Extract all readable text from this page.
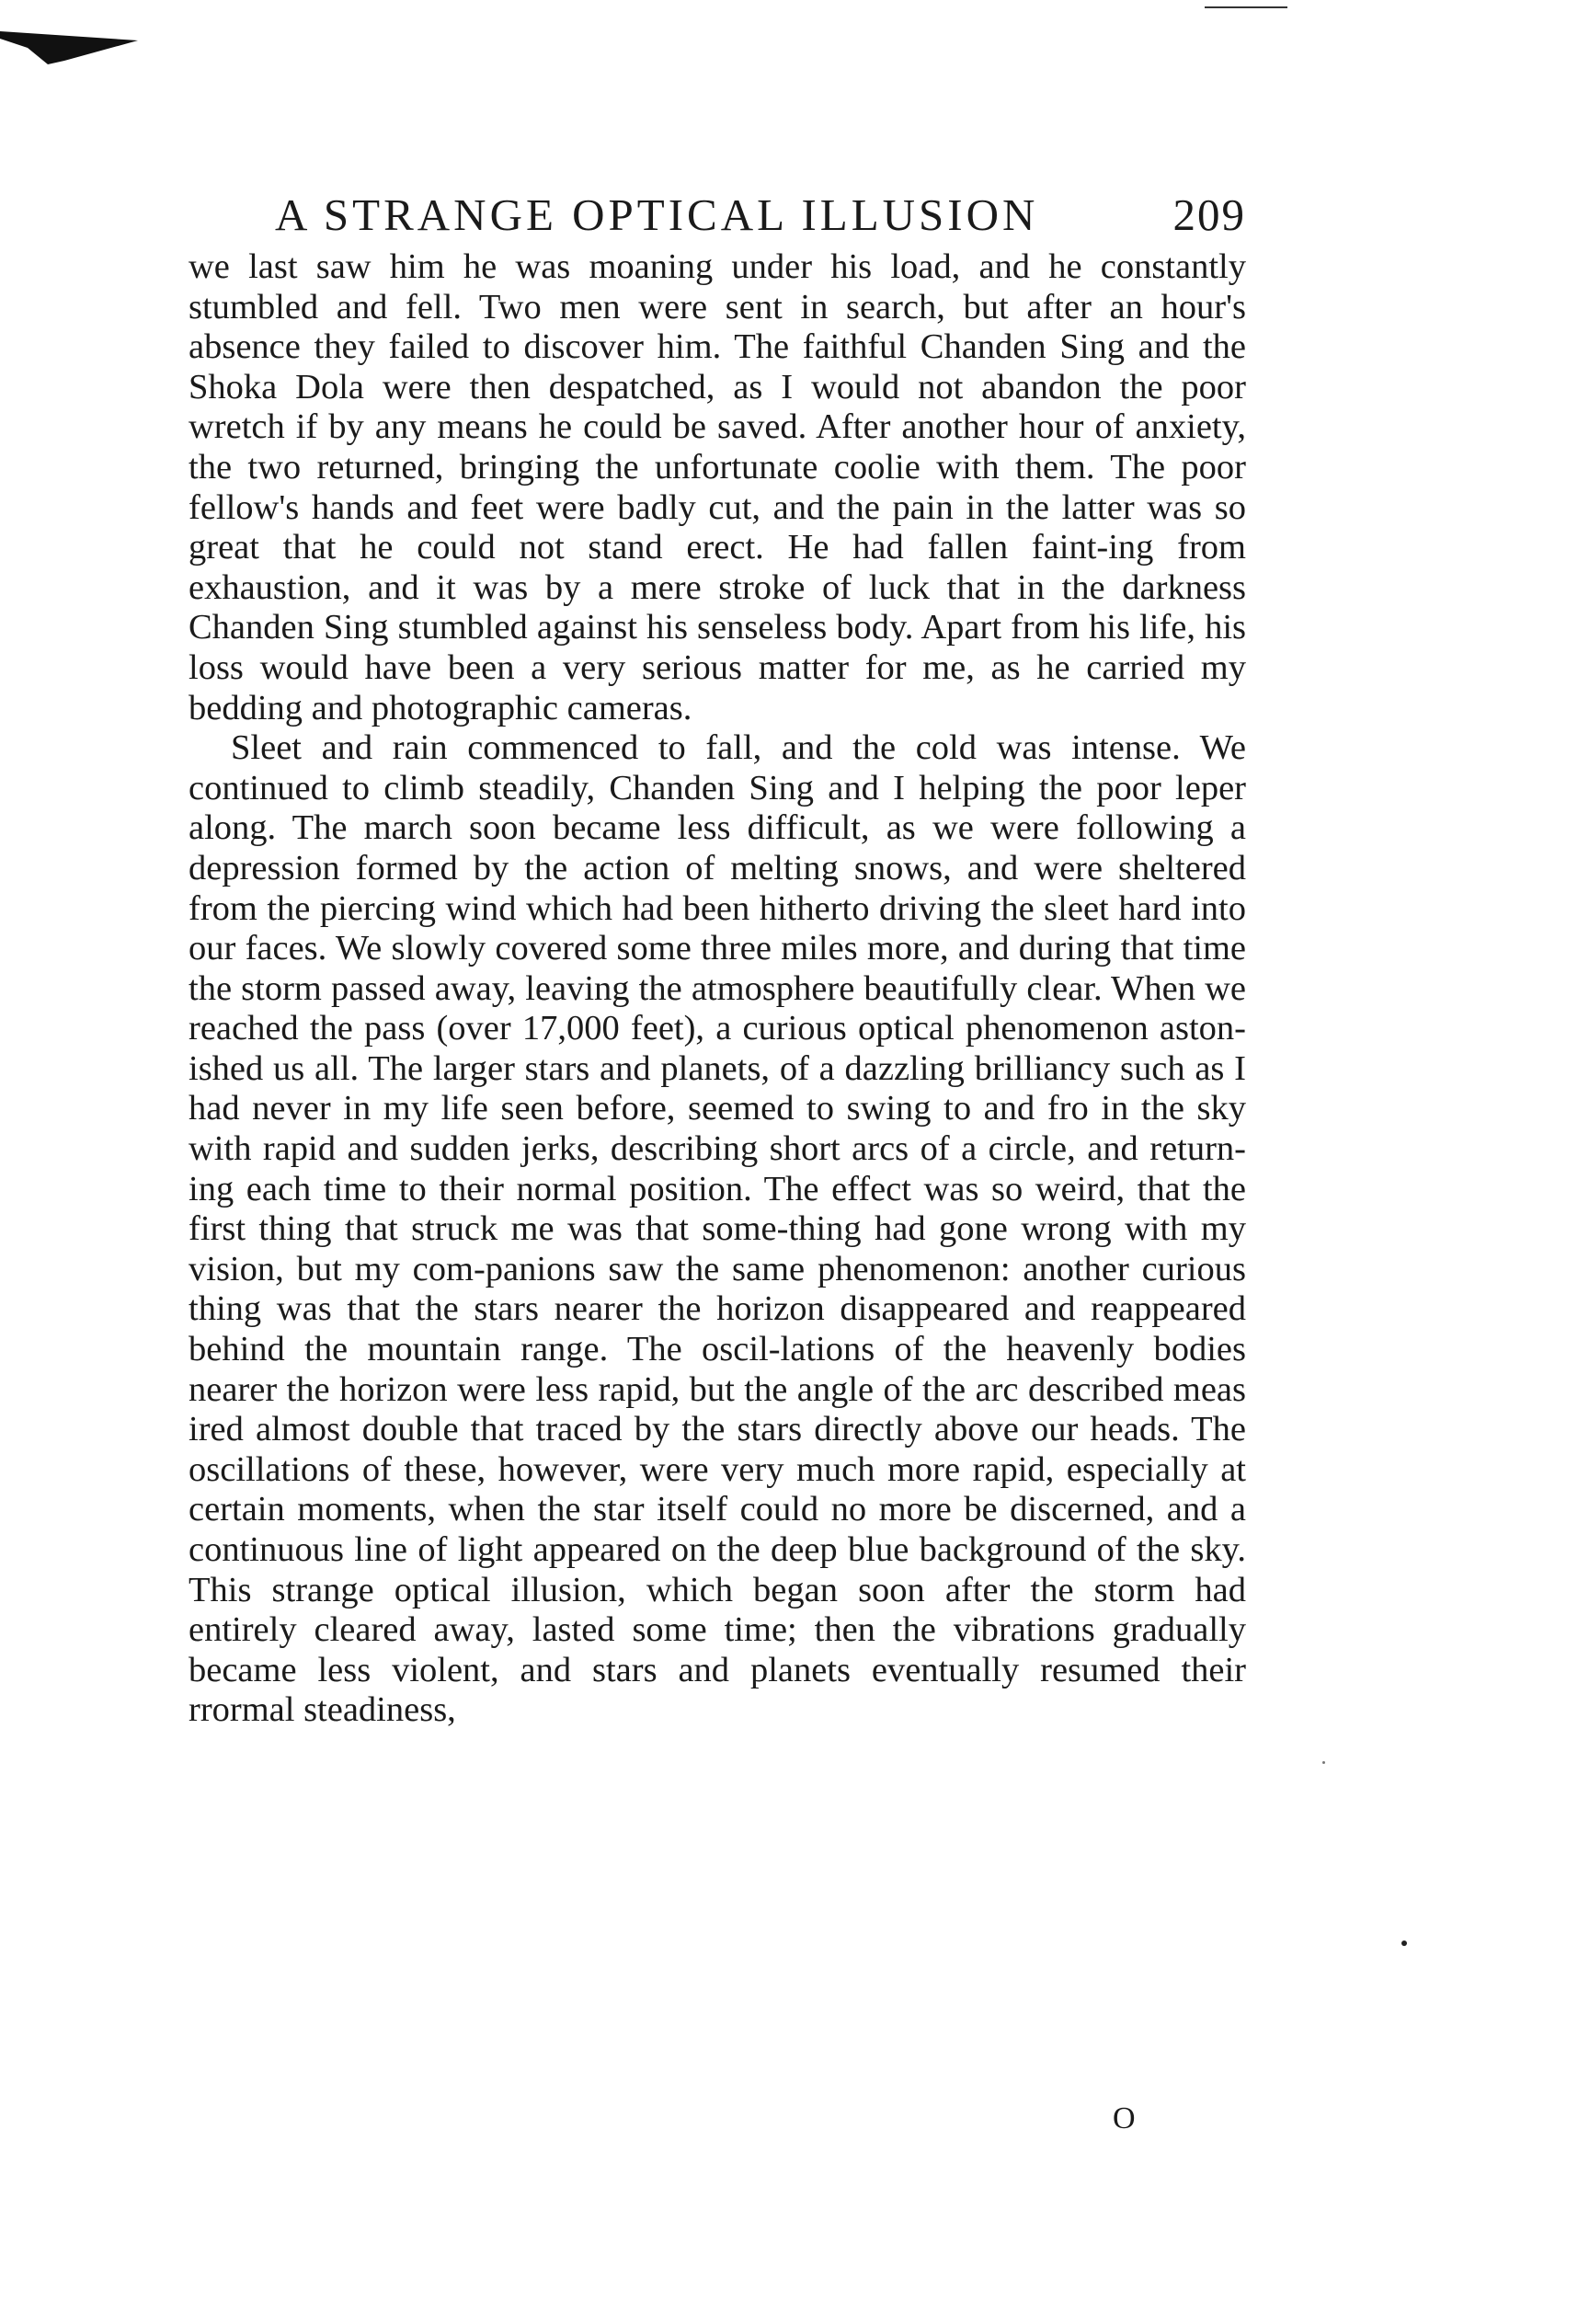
A STRANGE OPTICAL ILLUSION	209

we last saw him he was moaning under his load, and he constantly stumbled and fell. Two men were sent in search, but after an hour's absence they failed to discover him. The faithful Chanden Sing and the Shoka Dola were then despatched, as I would not abandon the poor wretch if by any means he could be saved. After another hour of anxiety, the two returned, bringing the unfortunate coolie with them. The poor fellow's hands and feet were badly cut, and the pain in the latter was so great that he could not stand erect. He had fallen faint-ing from exhaustion, and it was by a mere stroke of luck that in the darkness Chanden Sing stumbled against his senseless body. Apart from his life, his loss would have been a very serious matter for me, as he carried my bedding and photographic cameras.

Sleet and rain commenced to fall, and the cold was intense. We continued to climb steadily, Chanden Sing and I helping the poor leper along. The march soon became less difficult, as we were following a depression formed by the action of melting snows, and were sheltered from the piercing wind which had been hitherto driving the sleet hard into our faces. We slowly covered some three miles more, and during that time the storm passed away, leaving the atmosphere beautifully clear. When we reached the pass (over 17,000 feet), a curious optical phenomenon aston-ished us all. The larger stars and planets, of a dazzling brilliancy such as I had never in my life seen before, seemed to swing to and fro in the sky with rapid and sudden jerks, describing short arcs of a circle, and return-ing each time to their normal position. The effect was so weird, that the first thing that struck me was that some-thing had gone wrong with my vision, but my com-panions saw the same phenomenon: another curious thing was that the stars nearer the horizon disappeared and reappeared behind the mountain range. The oscil-lations of the heavenly bodies nearer the horizon were less rapid, but the angle of the arc described meas ired almost double that traced by the stars directly above our heads. The oscillations of these, however, were very much more rapid, especially at certain moments, when the star itself could no more be discerned, and a continuous line of light appeared on the deep blue background of the sky. This strange optical illusion, which began soon after the storm had entirely cleared away, lasted some time; then the vibrations gradually became less violent, and stars and planets eventually resumed their rrormal steadiness,

O
